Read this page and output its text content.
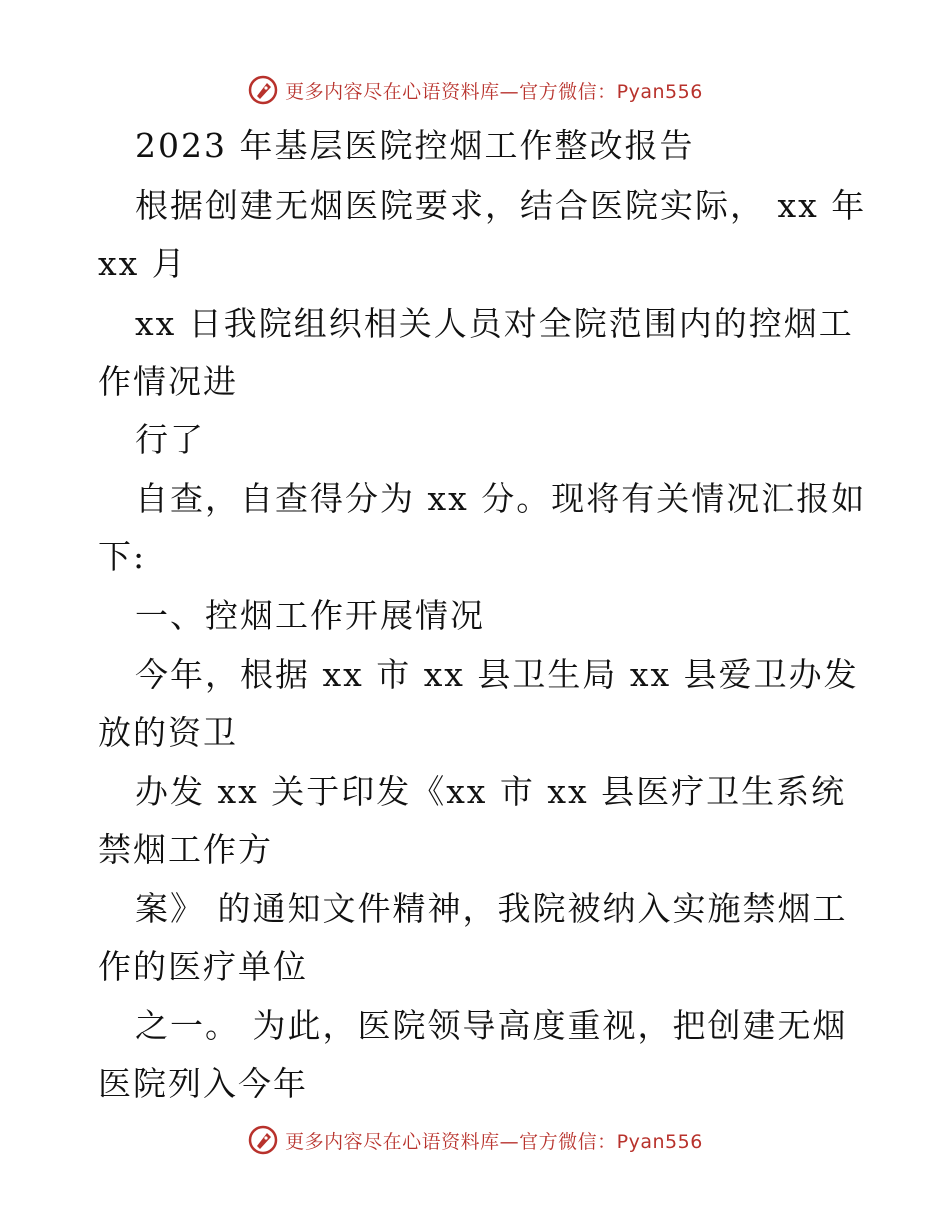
更多内容尽在心语资料库—官方微信：Pyan556
2023 年基层医院控烟工作整改报告
根据创建无烟医院要求，结合医院实际， xx 年
xx 月
xx 日我院组织相关人员对全院范围内的控烟工
作情况进
行了
自查，自查得分为 xx 分。现将有关情况汇报如
下:
一、控烟工作开展情况
今年，根据 xx 市 xx 县卫生局 xx 县爱卫办发
放的资卫
办发 xx 关于印发《xx 市 xx 县医疗卫生系统
禁烟工作方
案》 的通知文件精神，我院被纳入实施禁烟工
作的医疗单位
之一。 为此，医院领导高度重视，把创建无烟
医院列入今年
更多内容尽在心语资料库—官方微信：Pyan556
